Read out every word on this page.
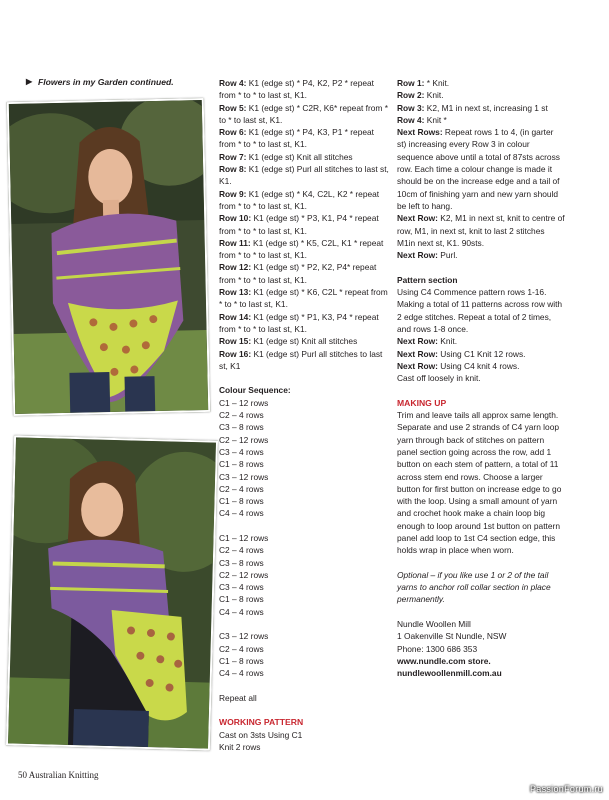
▶ Flowers in my Garden continued.	Row 4: K1 (edge st) * P4, K2, P2 * repeat from * to * to last st, K1.

Row 5: K1 (edge st) * C2R, K6* repeat from * to * to last st, K1.

Row 6: K1 (edge st) * P4, K3, P1 * repeat from * to * to last st, K1.

Row 7: K1 (edge st) Knit all stitches

Row 8: K1 (edge st) Purl all stitches to last st, K1.

Row 9: K1 (edge st) * K4, C2L, K2 * repeat from * to * to last st, K1.

Row 10: K1 (edge st) * P3, K1, P4 * repeat from * to * to last st, K1.

Row 11: K1 (edge st) * K5, C2L, K1 * repeat from * to * to last st, K1.

Row 12: K1 (edge st) * P2, K2, P4* repeat from * to * to last st, K1.

Row 13: K1 (edge st) * K6, C2L * repeat from * to * to last st, K1.

Row 14: K1 (edge st) * P1, K3, P4 * repeat from * to * to last st, K1.

Row 15: K1 (edge st) Knit all stitches

Row 16: K1 (edge st) Purl all stitches to last st, K1

Colour Sequence:

C1 – 12 rows

C2 – 4 rows

C3 – 8 rows

C2 – 12 rows

C3 – 4 rows

C1 – 8 rows

C3 – 12 rows

C2 – 4 rows

C1 – 8 rows

C4 – 4 rows

C1 – 12 rows

C2 – 4 rows

C3 – 8 rows

C2 – 12 rows

C3 – 4 rows

C1 – 8 rows

C4 – 4 rows

C3 – 12 rows

C2 – 4 rows

C1 – 8 rows

C4 – 4 rows

Repeat all

WORKING PATTERN

Cast on 3sts Using C1

Knit 2 rows

Row 1: * Knit.

Row 2: Knit.

Row 3: K2, M1 in next st, increasing 1 st

Row 4: Knit *

Next Rows: Repeat rows 1 to 4, (in garter st) increasing every Row 3 in colour sequence above until a total of 87sts across row. Each time a colour change is made it should be on the increase edge and a tail of 10cm of finishing yarn and new yarn should be left to hang.

Next Row: K2, M1 in next st, knit to centre of row, M1, in next st, knit to last 2 stitches M1in next st, K1. 90sts.

Next Row: Purl.

Pattern section

Using C4 Commence pattern rows 1-16. Making a total of 11 patterns across row with 2 edge stitches. Repeat a total of 2 times, and rows 1-8 once.

Next Row: Knit.

Next Row: Using C1 Knit 12 rows.

Next Row: Using C4 knit 4 rows.

Cast off loosely in knit.

MAKING UP

Trim and leave tails all approx same length. Separate and use 2 strands of C4 yarn loop yarn through back of stitches on pattern panel section going across the row, add 1 button on each stem of pattern, a total of 11 across stem end rows. Choose a larger button for first button on increase edge to go with the loop. Using a small amount of yarn and crochet hook make a chain loop big enough to loop around 1st button on pattern panel add loop to 1st C4 section edge, this holds wrap in place when worn.

Optional – if you like use 1 or 2 of the tail yarns to anchor roll collar section in place permanently.

Nundle Woollen Mill

1 Oakenville St Nundle, NSW

Phone: 1300 686 353

www.nundle.com store.

nundlewoollenmill.com.au

50 Australian Knitting
PassionForum.ru
